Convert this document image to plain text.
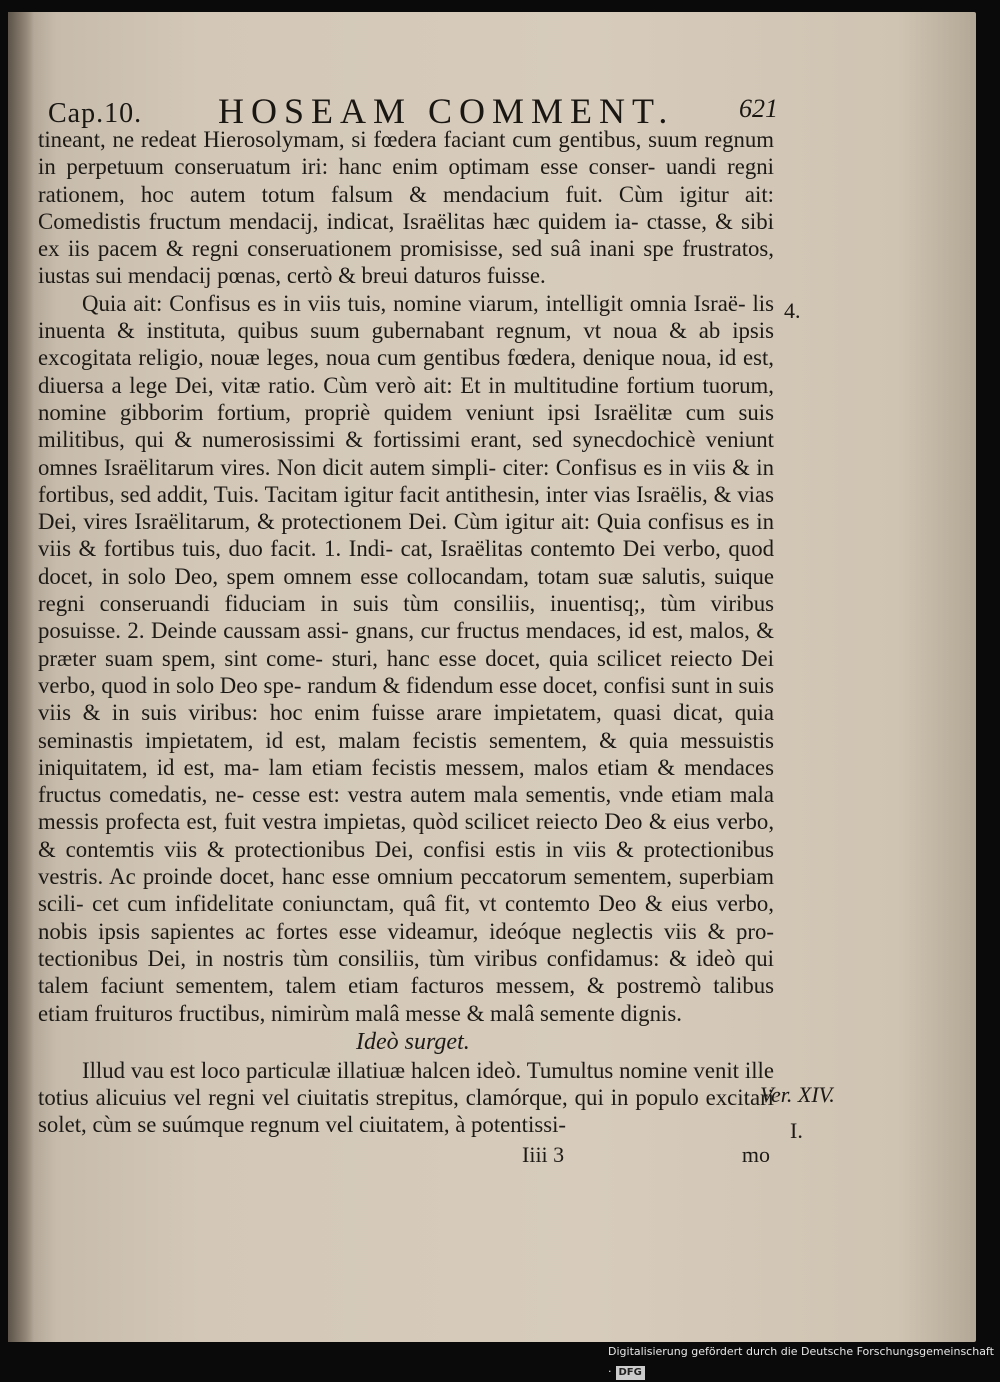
Cap.10. HOSEAM COMMENT. 621

tineant, ne redeat Hierosolymam, si fœdera faciant cum gentibus, suum regnum in perpetuum conseruatum iri: hanc enim optimam esse conser- uandi regni rationem, hoc autem totum falsum & mendacium fuit. Cùm igitur ait: Comedistis fructum mendacij, indicat, Israëlitas hæc quidem ia- ctasse, & sibi ex iis pacem & regni conseruationem promisisse, sed suâ inani spe frustratos, iustas sui mendacij pœnas, certò & breui daturos fuisse.

Quia ait: Confisus es in viis tuis, nomine viarum, intelligit omnia Israë- lis inuenta & instituta, quibus suum gubernabant regnum, vt noua & ab ipsis excogitata religio, nouæ leges, noua cum gentibus fœdera, denique noua, id est, diuersa a lege Dei, vitæ ratio. Cùm verò ait: Et in multitudine fortium tuorum, nomine gibborim fortium, propriè quidem veniunt ipsi Israëlitæ cum suis militibus, qui & numerosissimi & fortissimi erant, sed synecdochicè veniunt omnes Israëlitarum vires. Non dicit autem simpli- citer: Confisus es in viis & in fortibus, sed addit, Tuis. Tacitam igitur facit antithesin, inter vias Israëlis, & vias Dei, vires Israëlitarum, & protectionem Dei. Cùm igitur ait: Quia confisus es in viis & fortibus tuis, duo facit. 1. Indi- cat, Israëlitas contemto Dei verbo, quod docet, in solo Deo, spem omnem esse collocandam, totam suæ salutis, suique regni conseruandi fiduciam in suis tùm consiliis, inuentisq;, tùm viribus posuisse. 2. Deinde caussam assi- gnans, cur fructus mendaces, id est, malos, & præter suam spem, sint come- sturi, hanc esse docet, quia scilicet reiecto Dei verbo, quod in solo Deo spe- randum & fidendum esse docet, confisi sunt in suis viis & in suis viribus: hoc enim fuisse arare impietatem, quasi dicat, quia seminastis impietatem, id est, malam fecistis sementem, & quia messuistis iniquitatem, id est, ma- lam etiam fecistis messem, malos etiam & mendaces fructus comedatis, ne- cesse est: vestra autem mala sementis, vnde etiam mala messis profecta est, fuit vestra impietas, quòd scilicet reiecto Deo & eius verbo, & contemtis viis & protectionibus Dei, confisi estis in viis & protectionibus vestris. Ac proinde docet, hanc esse omnium peccatorum sementem, superbiam scili- cet cum infidelitate coniunctam, quâ fit, vt contemto Deo & eius verbo, nobis ipsis sapientes ac fortes esse videamur, ideóque neglectis viis & pro- tectionibus Dei, in nostris tùm consiliis, tùm viribus confidamus: & ideò qui talem faciunt sementem, talem etiam facturos messem, & postremò talibus etiam fruituros fructibus, nimirùm malâ messe & malâ semente dignis.

Ideò surget.

Illud vau est loco particulæ illatiuæ halcen ideò. Tumultus nomine venit ille totius alicuius vel regni vel ciuitatis strepitus, clamórque, qui in populo excitari solet, cùm se suúmque regnum vel ciuitatem, à potentissi-

Iiii 3	mo
4.
Ver. XIV.
I.
Digitalisierung gefördert durch die Deutsche Forschungsgemeinschaft · DFG
